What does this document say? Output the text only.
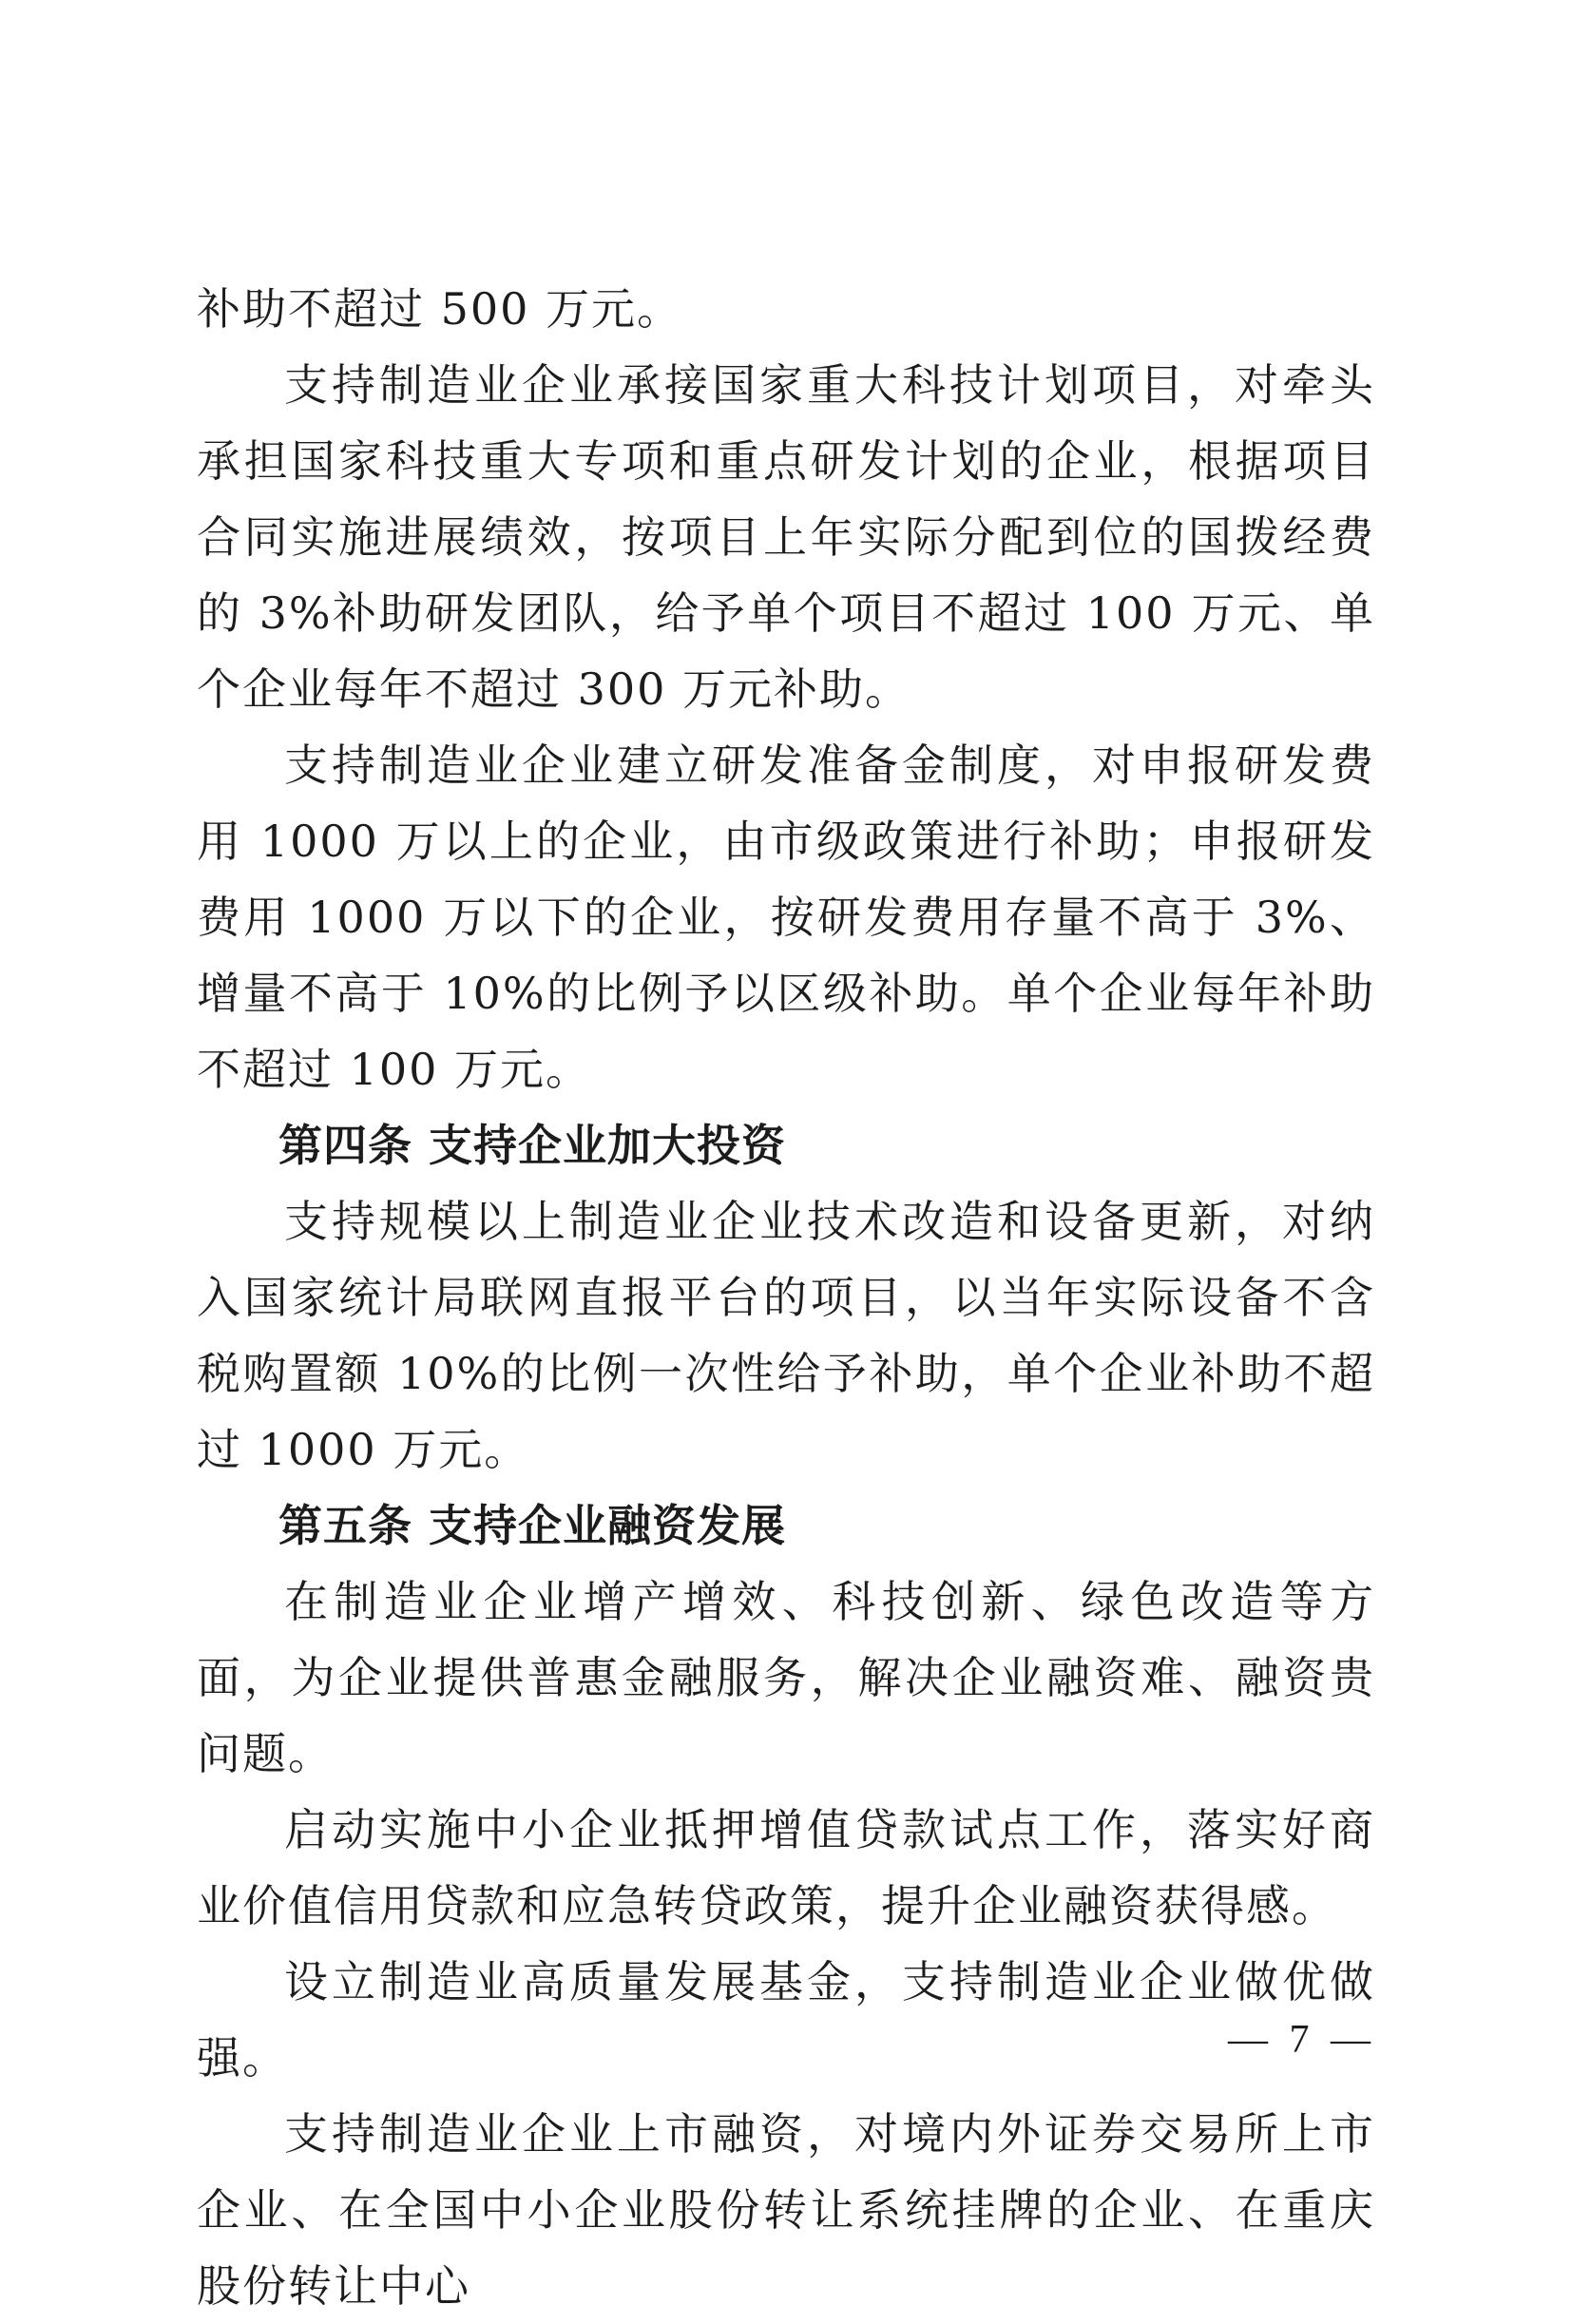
补助不超过 500 万元。

支持制造业企业承接国家重大科技计划项目，对牵头承担国家科技重大专项和重点研发计划的企业，根据项目合同实施进展绩效，按项目上年实际分配到位的国拨经费的 3%补助研发团队，给予单个项目不超过 100 万元、单个企业每年不超过 300 万元补助。

支持制造业企业建立研发准备金制度，对申报研发费用 1000 万以上的企业，由市级政策进行补助；申报研发费用 1000 万以下的企业，按研发费用存量不高于 3%、增量不高于 10%的比例予以区级补助。单个企业每年补助不超过 100 万元。

第四条 支持企业加大投资

支持规模以上制造业企业技术改造和设备更新，对纳入国家统计局联网直报平台的项目，以当年实际设备不含税购置额 10%的比例一次性给予补助，单个企业补助不超过 1000 万元。

第五条 支持企业融资发展

在制造业企业增产增效、科技创新、绿色改造等方面，为企业提供普惠金融服务，解决企业融资难、融资贵问题。

启动实施中小企业抵押增值贷款试点工作，落实好商业价值信用贷款和应急转贷政策，提升企业融资获得感。

设立制造业高质量发展基金，支持制造业企业做优做强。

支持制造业企业上市融资，对境内外证券交易所上市企业、在全国中小企业股份转让系统挂牌的企业、在重庆股份转让中心

— 7 —
